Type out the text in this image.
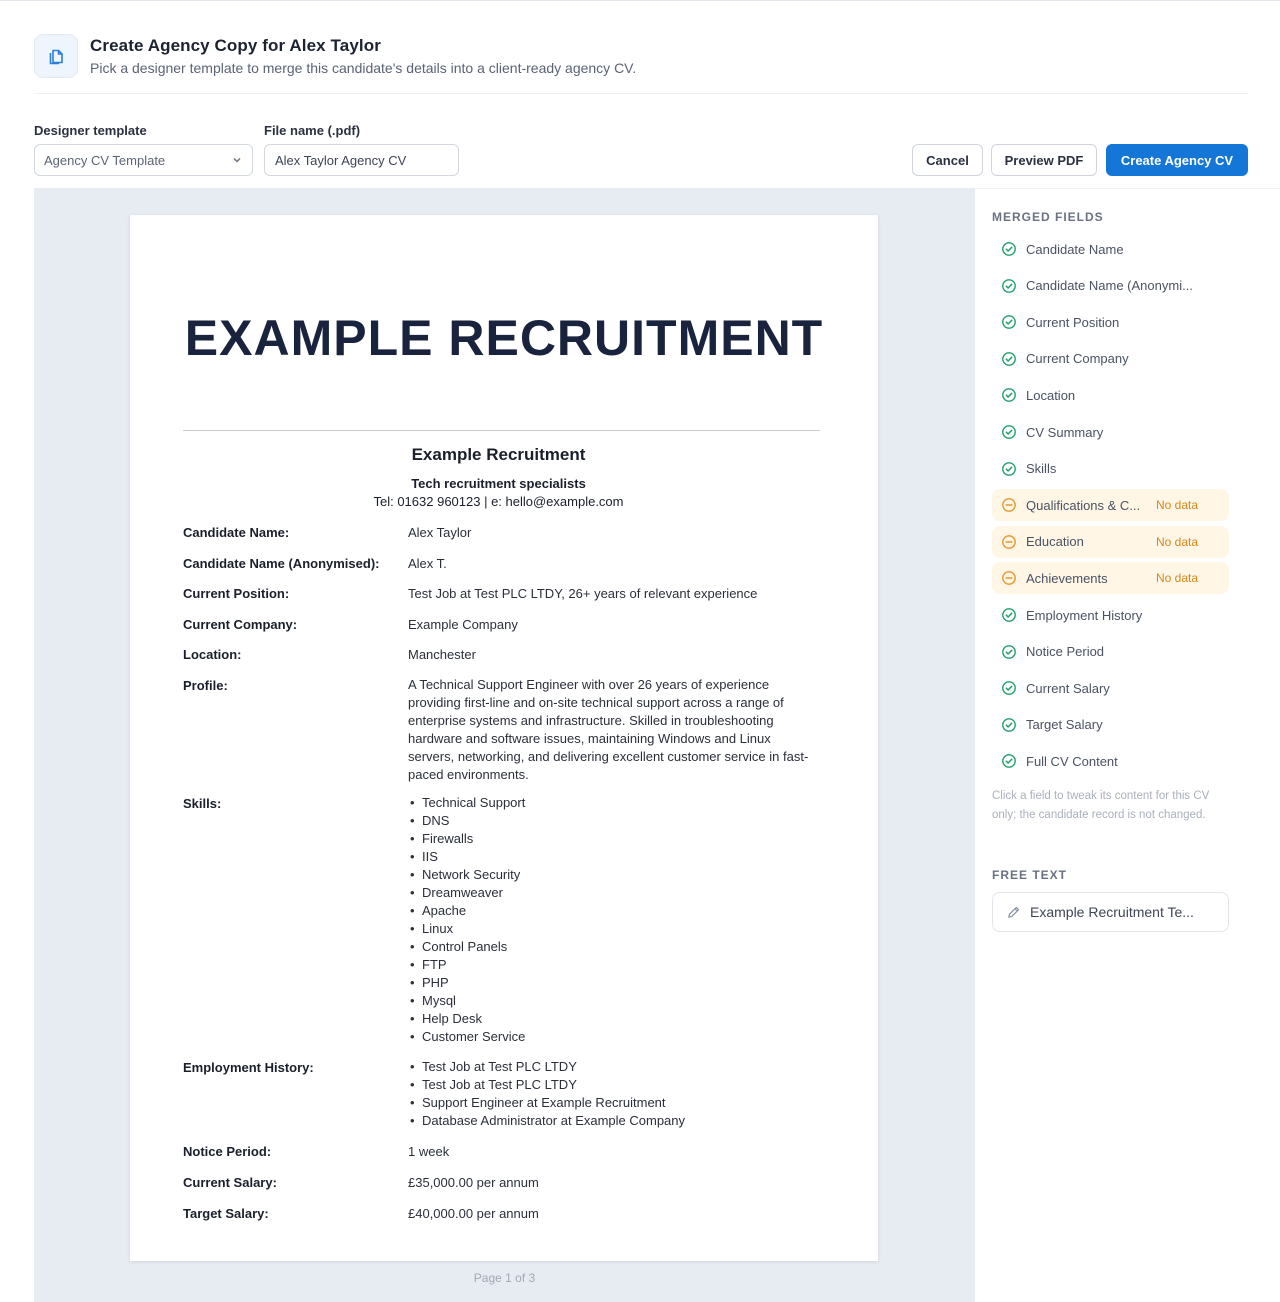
Create Agency Copy for Alex Taylor
Pick a designer template to merge this candidate's details into a client-ready agency CV.
Designer template
Agency CV Template
File name (.pdf)
Alex Taylor Agency CV
Cancel	Preview PDF	Create Agency CV
EXAMPLE RECRUITMENT
Example Recruitment
Tech recruitment specialists
Tel: 01632 960123 | e: hello@example.com
Candidate Name:	Alex Taylor
Candidate Name (Anonymised): Alex T.
Current Position:	Test Job at Test PLC LTDY, 26+ years of relevant experience
Current Company:	Example Company
Location:	Manchester
Profile:	A Technical Support Engineer with over 26 years of experience providing first-line and on-site technical support across a range of enterprise systems and infrastructure. Skilled in troubleshooting hardware and software issues, maintaining Windows and Linux servers, networking, and delivering excellent customer service in fast-paced environments.
Skills:	• Technical Support
• DNS
• Firewalls
• IIS
• Network Security
• Dreamweaver
• Apache
• Linux
• Control Panels
• FTP
• PHP
• Mysql
• Help Desk
• Customer Service
Employment History:	• Test Job at Test PLC LTDY
• Test Job at Test PLC LTDY
• Support Engineer at Example Recruitment
• Database Administrator at Example Company
Notice Period:	1 week
Current Salary:	£35,000.00 per annum
Target Salary:	£40,000.00 per annum
Page 1 of 3
MERGED FIELDS
Candidate Name
Candidate Name (Anonymi...
Current Position
Current Company
Location
CV Summary
Skills
Qualifications & C... No data
Education	No data
Achievements	No data
Employment History
Notice Period
Current Salary
Target Salary
Full CV Content
Click a field to tweak its content for this CV only; the candidate record is not changed.
FREE TEXT
Example Recruitment Te...
